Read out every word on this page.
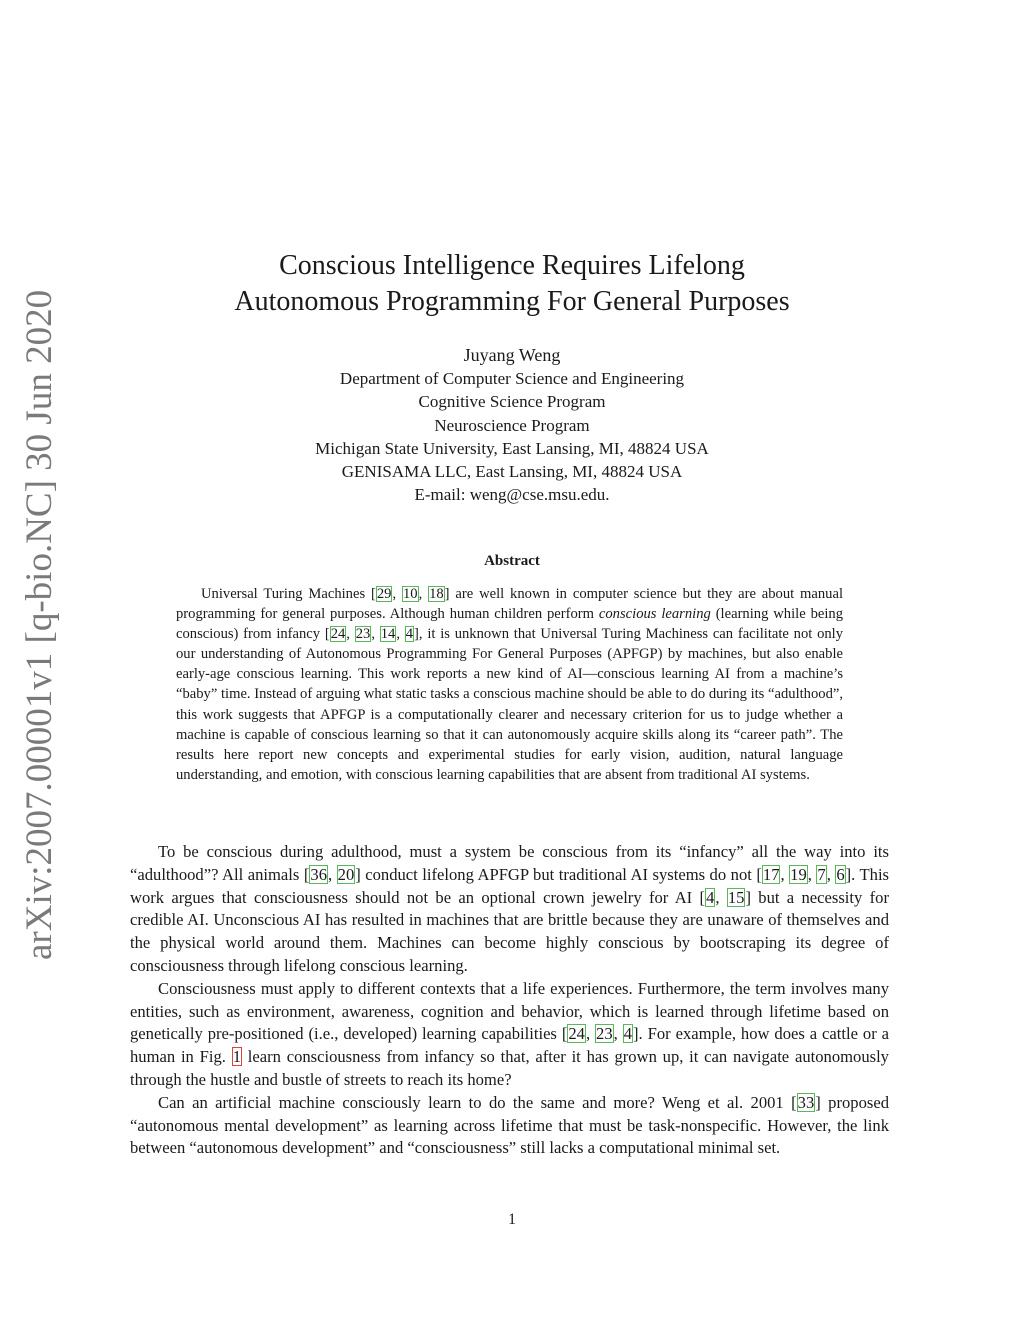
arXiv:2007.00001v1 [q-bio.NC] 30 Jun 2020
Conscious Intelligence Requires Lifelong
Autonomous Programming For General Purposes
Juyang Weng
Department of Computer Science and Engineering
Cognitive Science Program
Neuroscience Program
Michigan State University, East Lansing, MI, 48824 USA
GENISAMA LLC, East Lansing, MI, 48824 USA
E-mail: weng@cse.msu.edu.
Abstract

Universal Turing Machines [29, 10, 18] are well known in computer science but they are about manual programming for general purposes. Although human children perform conscious learning (learning while being conscious) from infancy [24, 23, 14, 4], it is unknown that Universal Turing Machiness can facilitate not only our understanding of Autonomous Programming For General Purposes (APFGP) by machines, but also enable early-age conscious learning. This work reports a new kind of AI—conscious learning AI from a machine’s “baby” time. Instead of arguing what static tasks a conscious machine should be able to do during its “adulthood”, this work suggests that APFGP is a computationally clearer and necessary criterion for us to judge whether a machine is capable of conscious learning so that it can autonomously acquire skills along its “career path”. The results here report new concepts and experimental studies for early vision, audition, natural language understanding, and emotion, with conscious learning capabilities that are absent from traditional AI systems.

To be conscious during adulthood, must a system be conscious from its “infancy” all the way into its “adulthood”? All animals [36, 20] conduct lifelong APFGP but traditional AI systems do not [17, 19, 7, 6]. This work argues that consciousness should not be an optional crown jewelry for AI [4, 15] but a necessity for credible AI. Unconscious AI has resulted in machines that are brittle because they are unaware of themselves and the physical world around them. Machines can become highly conscious by bootscraping its degree of consciousness through lifelong conscious learning.

Consciousness must apply to different contexts that a life experiences. Furthermore, the term involves many entities, such as environment, awareness, cognition and behavior, which is learned through lifetime based on genetically pre-positioned (i.e., developed) learning capabilities [24, 23, 4]. For example, how does a cattle or a human in Fig. 1 learn consciousness from infancy so that, after it has grown up, it can navigate autonomously through the hustle and bustle of streets to reach its home?

Can an artificial machine consciously learn to do the same and more? Weng et al. 2001 [33] proposed “autonomous mental development” as learning across lifetime that must be task-nonspecific. However, the link between “autonomous development” and “consciousness” still lacks a computational minimal set.

1
